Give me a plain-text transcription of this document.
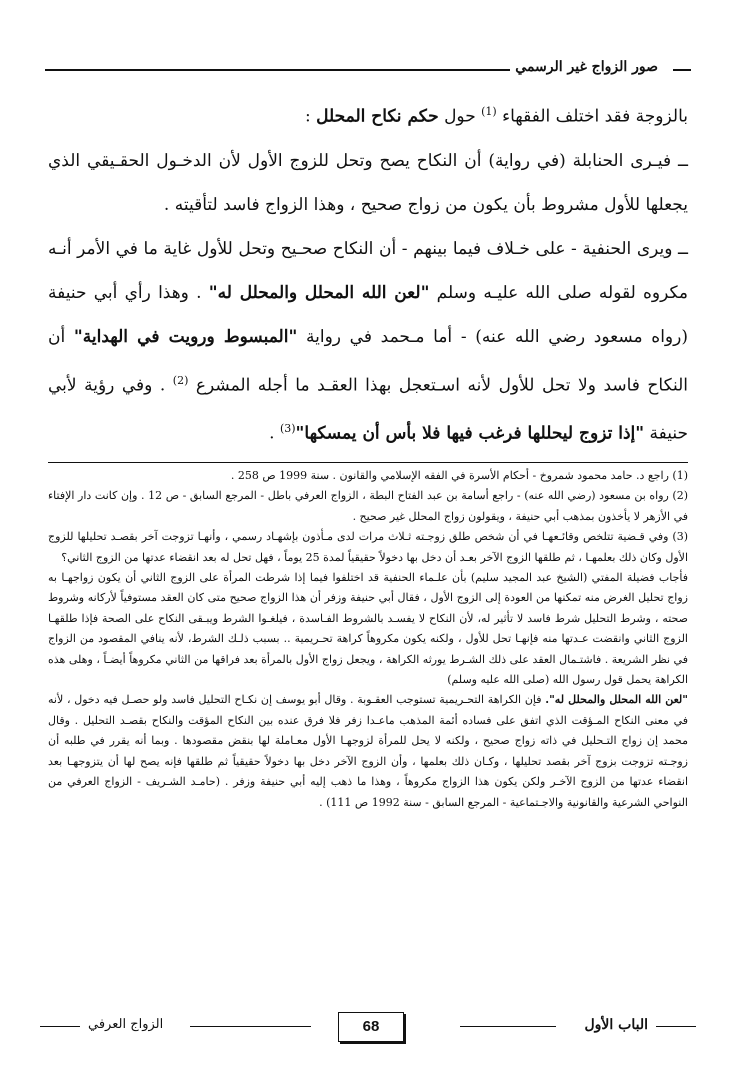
صور الزواج غير الرسمي

بالزوجة فقد اختلف الفقهاء $^{(1)}$ حول حكم نكاح المحلل :

ــ فيـرى الحنابلة (في رواية) أن النكاح يصح وتحل للزوج الأول لأن الدخـول الحقـيقي الذي يجعلها للأول مشروط بأن يكون من زواج صحيح ، وهذا الزواج فاسد لتأقيته .

ــ ويرى الحنفية - على خـلاف فيما بينهم - أن النكاح صحـيح وتحل للأول غاية ما في الأمر أنـه مكروه لقوله صلى الله عليـه وسلم "لعن الله المحلل والمحلل له" . وهذا رأي أبي حنيفة (رواه مسعود رضي الله عنه) - أما مـحمد في رواية "المبسوط ورويت في الهداية" أن النكاح فاسد ولا تحل للأول لأنه اسـتعجل بهذا العقـد ما أجله المشرع $^{(2)}$ . وفي رؤية لأبي حنيفة "إذا تزوج ليحللها فرغب فيها فلا بأس أن يمسكها"$^{(3)}$ .

(1) راجع د. حامد محمود شمروخ - أحكام الأسرة في الفقه الإسلامي والقانون . سنة 1999 ص 258 .

(2) رواه بن مسعود (رضي الله عنه) - راجع أسامة بن عبد الفتاح البطة ، الزواج العرفي باطل - المرجع السابق - ص 12 . وإن كانت دار الإفتاء في الأزهر لا يأخذون بمذهب أبي حنيفة ، ويقولون زواج المحلل غير صحيح .

(3) وفي قـضية تتلخص وقائـعهـا في أن شخص طلق زوجـته ثـلاث مرات لدى مـأذون بإشهـاد رسمي ، وأنهـا تزوجت آخر بقصـد تحليلها للزوج الأول وكان ذلك بعلمهـا ، ثم طلقها الزوج الآخر بعـد أن دخل بها دخولاً حقيقياً لمدة 25 يوماً ، فهل تحل له بعد انقضاء عدتها من الزوج الثاني؟

فأجاب فضيلة المفتي (الشيخ عبد المجيد سليم) بأن علـماء الحنفية قد اختلفوا فيما إذا شرطت المرأة على الزوج الثاني أن يكون زواجهـا به زواج تحليل الغرض منه تمكنها من العودة إلى الزوج الأول ، فقال أبي حنيفة وزفر أن هذا الزواج صحيح متى كان العقد مستوفياً لأركانه وشروط صحته ، وشرط التحليل شرط فاسد لا تأثير له، لأن النكاح لا يفسـد بالشروط الفـاسدة ، فيلغـوا الشرط ويبـقى النكاح على الصحة فإذا طلقهـا الزوج الثاني وانقضت عـدتها منه فإنهـا تحل للأول ، ولكنه يكون مكروهاً كراهة تحـريمية .. بسبب ذلـك الشرط، لأنه ينافي المقصود من الزواج في نظر الشريعة . فاشتـمال العقد على ذلك الشـرط يورثه الكراهة ، ويجعل زواج الأول بالمرأة بعد فراقها من الثاني مكروهاً أيضـاً ، وهلى هذه الكراهة يحمل قول رسول الله (صلى الله عليه وسلم)
"لعن الله المحلل والمحلل له". فإن الكراهة التحـريمية تستوجب العقـوبة . وقال أبو يوسف إن نكـاح التحليل فاسد ولو حصـل فيه دخول ، لأنه في معنى النكاح المـؤقت الذي اتفق على فساده أئمة المذهب ماعـدا زفر فلا فرق عنده بين النكاح المؤقت والنكاح بقصـد التحليل . وقال محمد إن زواج التـحليل في ذاته زواج صحيح ، ولكنه لا يحل للمرأة لزوجهـا الأول معـاملة لها بنقض مقصودها . وبما أنه يقرر في طلبه أن زوجـته تزوجت بزوج آخر بقصد تحليلها ، وكـان ذلك بعلمها ، وأن الزوج الآخر دخل بها دخولاً حقيقياً ثم طلقها فإنه يصح لها أن يتزوجهـا بعد انقضاء عدتها من الزوج الآخـر ولكن يكون هذا الزواج مكروهاً ، وهذا ما ذهب إليه أبي حنيفة وزفر . (حامـد الشـريف - الزواج العرفي من النواحي الشرعية والقانونية والاجـتماعية - المرجع السابق - سنة 1992 ص 111) .

الباب الأول
68
الزواج العرفي
